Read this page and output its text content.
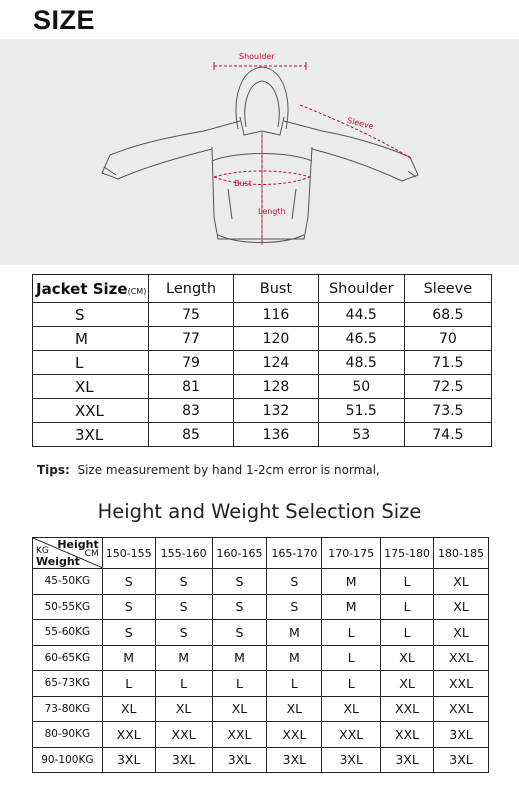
SIZE
Shoulder
Sleeve
Bust
Length
Jacket Size(CM)	Length	Bust	Shoulder	Sleeve
S	75	116	44.5	68.5
M	77	120	46.5	70
L	79	124	48.5	71.5
XL	81	128	50	72.5
XXL	83	132	51.5	73.5
3XL	85	136	53	74.5
Tips: Size measurement by hand 1-2cm error is normal,
Height and Weight Selection Size
Height
CM
KG
Weight	150-155	155-160	160-165	165-170	170-175	175-180	180-185
45-50KG	S	S	S	S	M	L	XL
50-55KG	S	S	S	S	M	L	XL
55-60KG	S	S	S	M	L	L	XL
60-65KG	M	M	M	M	L	XL	XXL
65-73KG	L	L	L	L	L	XL	XXL
73-80KG	XL	XL	XL	XL	XL	XXL	XXL
80-90KG	XXL	XXL	XXL	XXL	XXL	XXL	3XL
90-100KG	3XL	3XL	3XL	3XL	3XL	3XL	3XL
